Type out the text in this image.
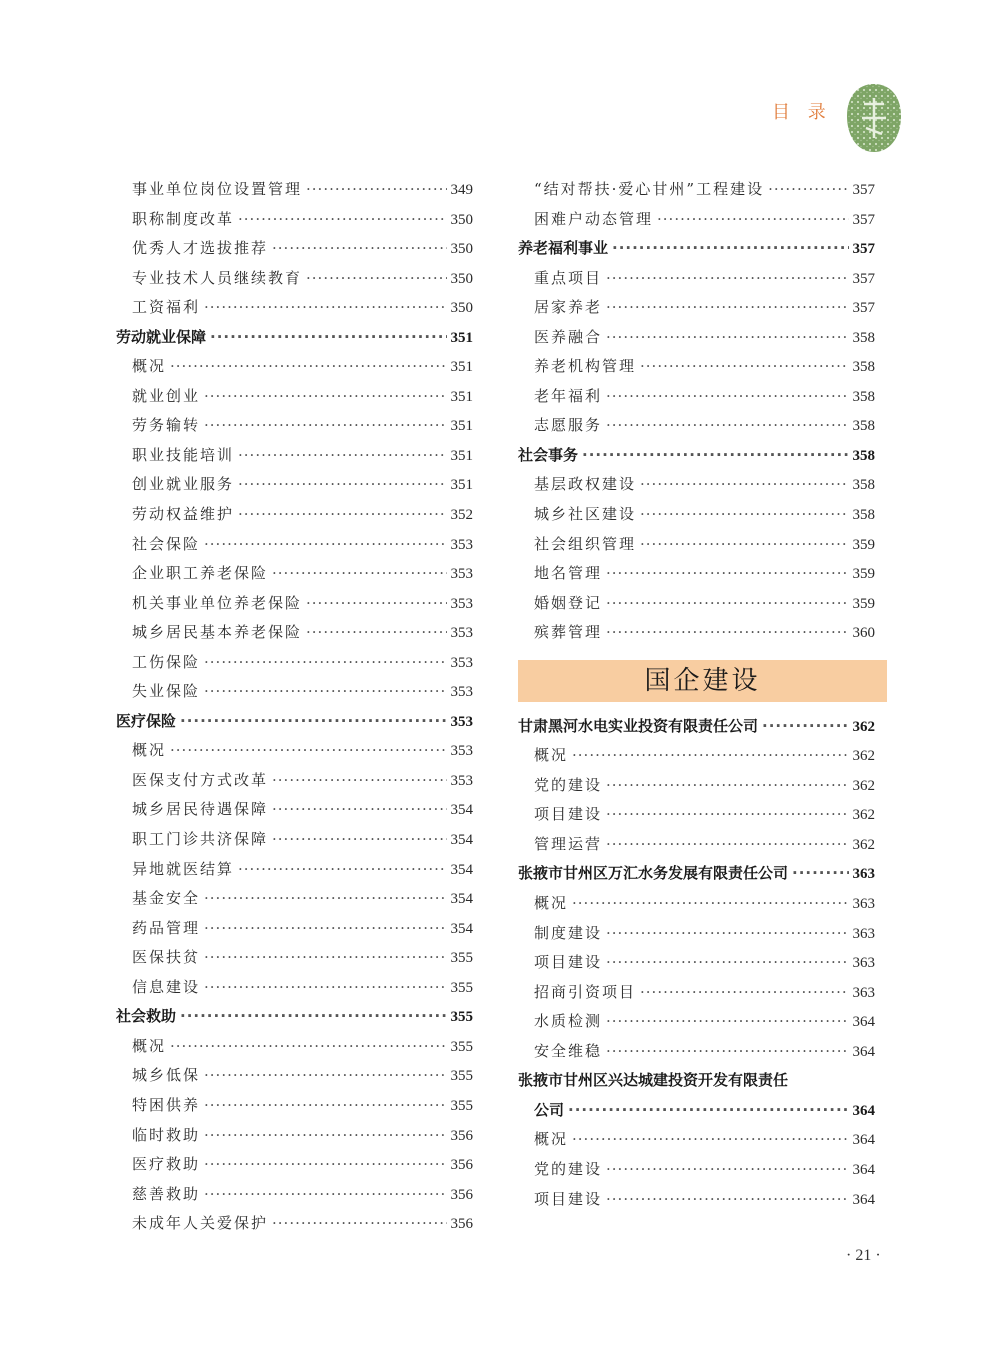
目 录
事业单位岗位设置管理 ·····	349
职称制度改革 ·····	350
优秀人才选拔推荐 ·····	350
专业技术人员继续教育 ·····	350
工资福利 ·····	350
劳动就业保障 ·····	351
概况 ·····	351
就业创业 ·····	351
劳务输转 ·····	351
职业技能培训 ·····	351
创业就业服务 ·····	351
劳动权益维护 ·····	352
社会保险 ·····	353
企业职工养老保险 ·····	353
机关事业单位养老保险 ·····	353
城乡居民基本养老保险 ·····	353
工伤保险 ·····	353
失业保险 ·····	353
医疗保险 ·····	353
概况 ·····	353
医保支付方式改革 ·····	353
城乡居民待遇保障 ·····	354
职工门诊共济保障 ·····	354
异地就医结算 ·····	354
基金安全 ·····	354
药品管理 ·····	354
医保扶贫 ·····	355
信息建设 ·····	355
社会救助 ·····	355
概况 ·····	355
城乡低保 ·····	355
特困供养 ·····	355
临时救助 ·····	356
医疗救助 ·····	356
慈善救助 ·····	356
未成年人关爱保护 ·····	356
“结对帮扶·爱心甘州”工程建设 ·····	357
困难户动态管理 ·····	357
养老福利事业 ·····	357
重点项目 ·····	357
居家养老 ·····	357
医养融合 ·····	358
养老机构管理 ·····	358
老年福利 ·····	358
志愿服务 ·····	358
社会事务 ·····	358
基层政权建设 ·····	358
城乡社区建设 ·····	358
社会组织管理 ·····	359
地名管理 ·····	359
婚姻登记 ·····	359
殡葬管理 ·····	360
国企建设
甘肃黑河水电实业投资有限责任公司 ·····	362
概况 ·····	362
党的建设 ·····	362
项目建设 ·····	362
管理运营 ·····	362
张掖市甘州区万汇水务发展有限责任公司 ·····	363
概况 ·····	363
制度建设 ·····	363
项目建设 ·····	363
招商引资项目 ·····	363
水质检测 ·····	364
安全维稳 ·····	364
张掖市甘州区兴达城建投资开发有限责任
公司 ·····	364
概况 ·····	364
党的建设 ·····	364
项目建设 ·····	364
· 21 ·
